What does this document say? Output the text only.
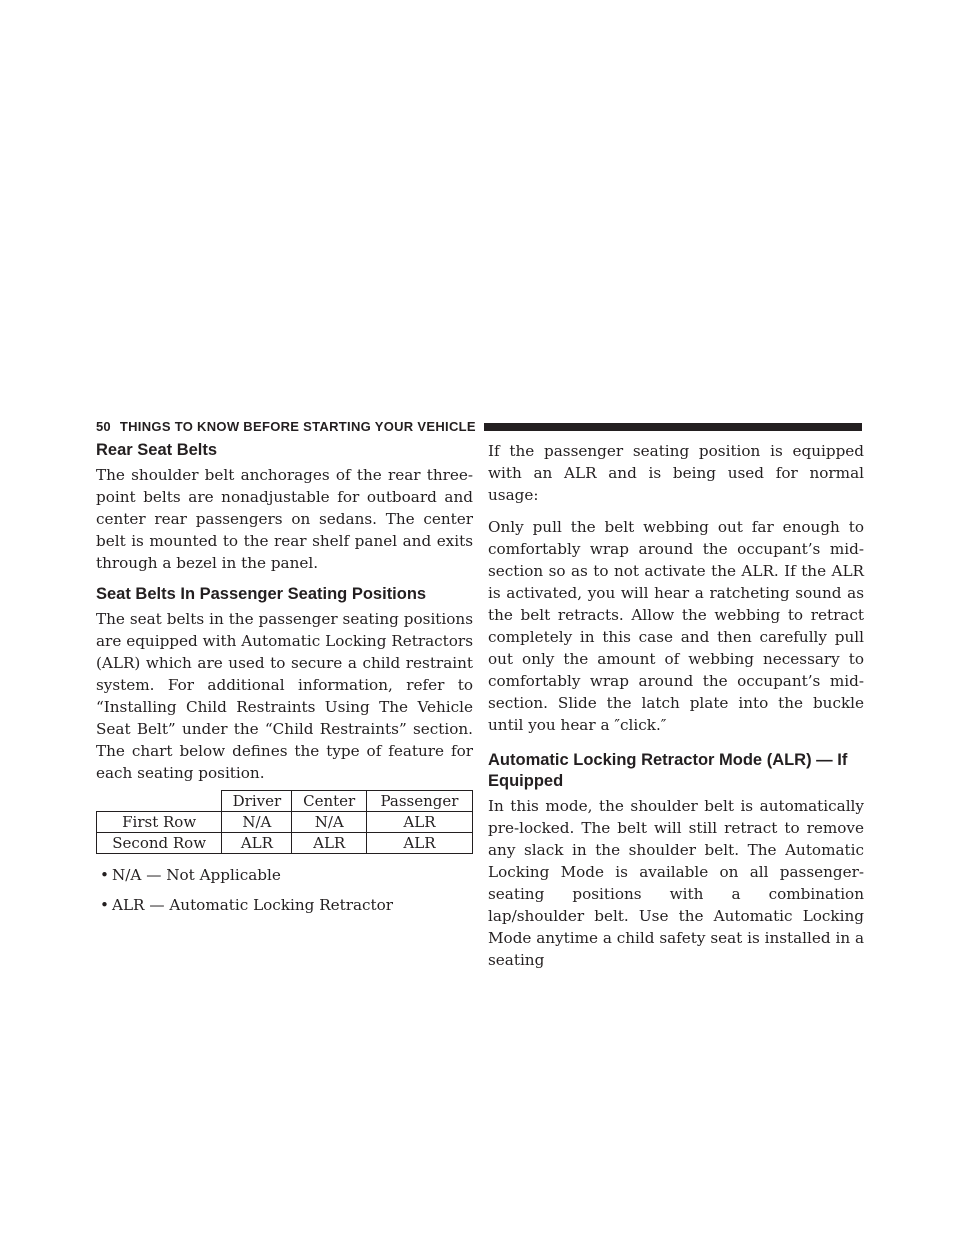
50 THINGS TO KNOW BEFORE STARTING YOUR VEHICLE
Rear Seat Belts

The shoulder belt anchorages of the rear three-point belts are nonadjustable for outboard and center rear passengers on sedans. The center belt is mounted to the rear shelf panel and exits through a bezel in the panel.

Seat Belts In Passenger Seating Positions

The seat belts in the passenger seating positions are equipped with Automatic Locking Retractors (ALR) which are used to secure a child restraint system. For additional information, refer to “Installing Child Restraints Using The Vehicle Seat Belt” under the “Child Restraints” section. The chart below defines the type of feature for each seating position.

	Driver	Center	Passenger
First Row	N/A	N/A	ALR
Second Row	ALR	ALR	ALR
• N/A — Not Applicable
• ALR — Automatic Locking Retractor

If the passenger seating position is equipped with an ALR and is being used for normal usage:

Only pull the belt webbing out far enough to comfortably wrap around the occupant’s mid-section so as to not activate the ALR. If the ALR is activated, you will hear a ratcheting sound as the belt retracts. Allow the webbing to retract completely in this case and then carefully pull out only the amount of webbing necessary to comfortably wrap around the occupant’s mid-section. Slide the latch plate into the buckle until you hear a ″click.″

Automatic Locking Retractor Mode (ALR) — If Equipped

In this mode, the shoulder belt is automatically pre-locked. The belt will still retract to remove any slack in the shoulder belt. The Automatic Locking Mode is available on all passenger-seating positions with a combination lap/shoulder belt. Use the Automatic Locking Mode anytime a child safety seat is installed in a seating
